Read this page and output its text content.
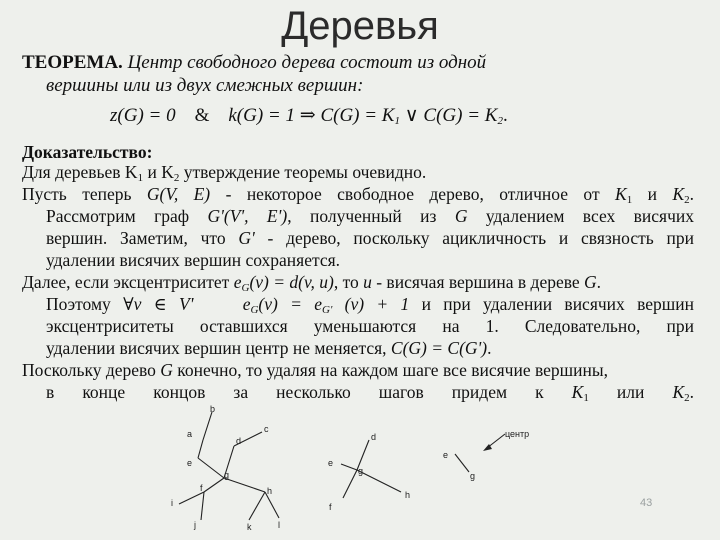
Деревья
ТЕОРЕМА. Центр свободного дерева состоит из одной
вершины или из двух смежных вершин:
z(G) = 0 & k(G) = 1 ⇒ $C(G) = K_1$ ∨ $C(G) = K_2$.
Доказательство:
Для деревьев $K_1$ и $K_2$ утверждение теоремы очевидно.
Пусть теперь G(V, E) - некоторое свободное дерево, отличное от $K_1$ и $K_2$.
Рассмотрим граф G'(V', E'), полученный из G удалением всех висячих
вершин. Заметим, что G' - дерево, поскольку ацикличность и связность при
удалении висячих вершин сохраняется.
Далее, если эксцентриситет $e_G(v) = d(v$, u), то u - висячая вершина в дереве G.
Поэтому ∀v ∈ V'	$e_G(v) = e_{G'}$ (v) + 1 и при удалении висячих вершин
эксцентриситеты оставшихся уменьшаются на 1. Следовательно, при
удалении висячих вершин центр не меняется, C(G) = C(G').
Поскольку дерево G конечно, то удаляя на каждом шаге все висячие вершины,
в конце концов за несколько шагов придем к $K_1$ или $K_2$.
b
a	c
d
e
g
f	h
i
j	k	l
d
e
g
f
h
e
g
центр
43
